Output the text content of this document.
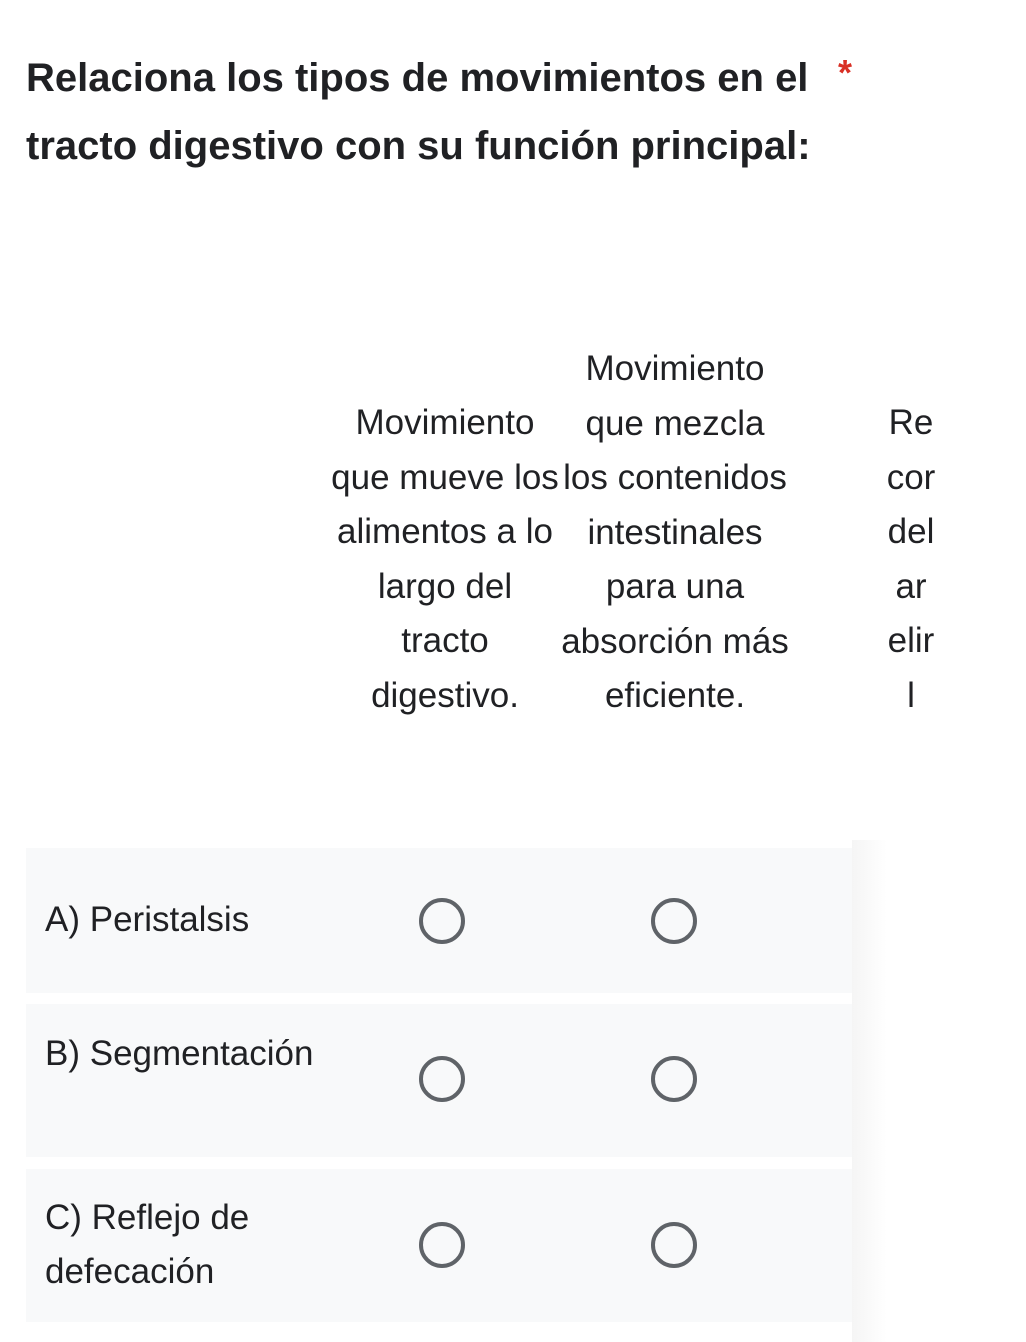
Relaciona los tipos de movimientos en el tracto digestivo con su función principal:
*
Movimiento que mueve los alimentos a lo largo del tracto digestivo.
Movimiento que mezcla los contenidos intestinales para una absorción más eficiente.
Re
cor
del
ar
elir
l
A) Peristalsis
B) Segmentación
C) Reflejo de defecación
